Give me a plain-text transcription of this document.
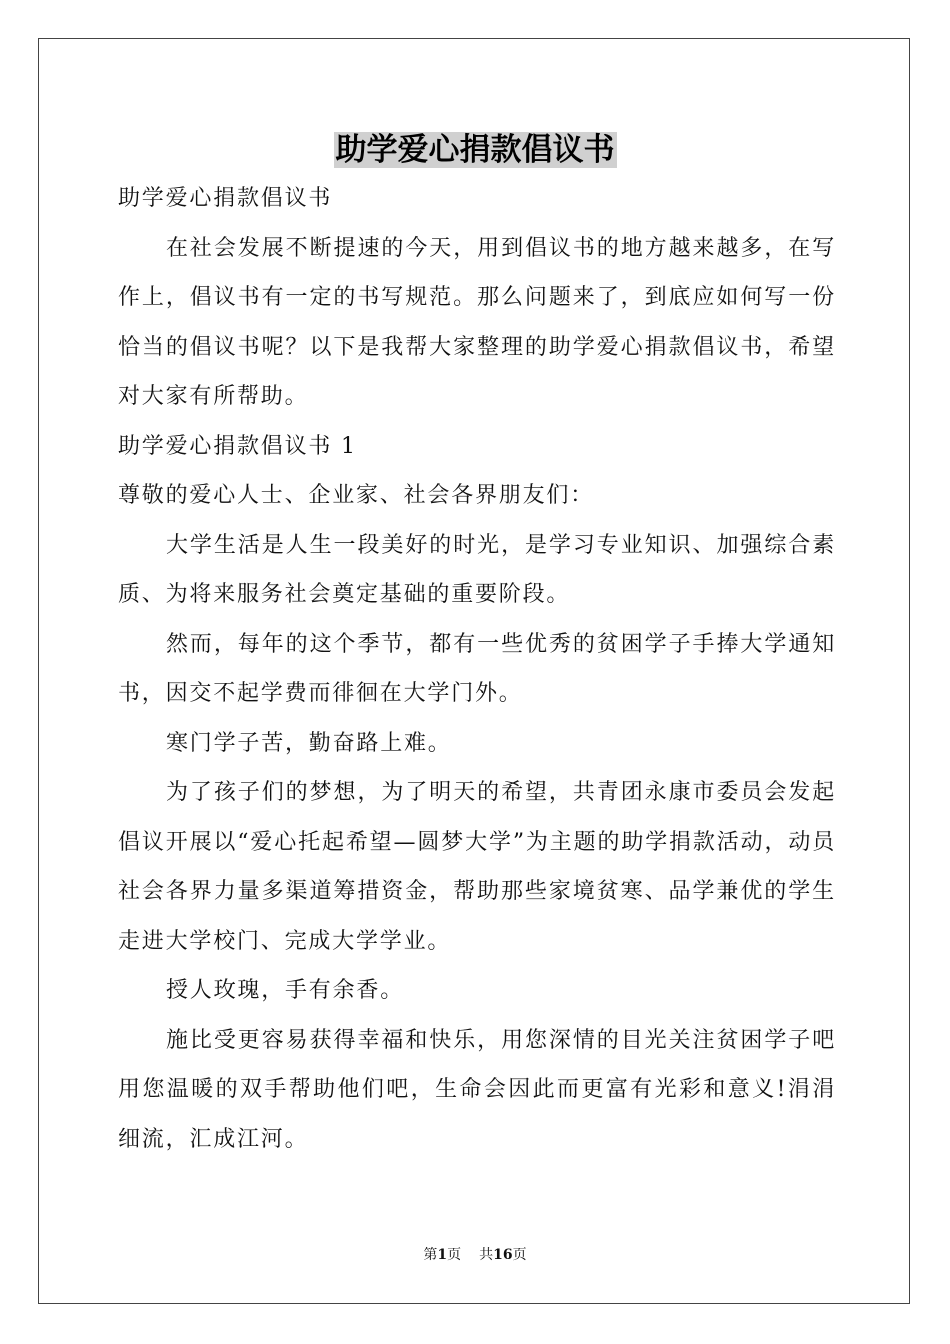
助学爱心捐款倡议书

助学爱心捐款倡议书

在社会发展不断提速的今天，用到倡议书的地方越来越多，在写作上，倡议书有一定的书写规范。那么问题来了，到底应如何写一份恰当的倡议书呢？以下是我帮大家整理的助学爱心捐款倡议书，希望对大家有所帮助。

助学爱心捐款倡议书 1

尊敬的爱心人士、企业家、社会各界朋友们：

大学生活是人生一段美好的时光，是学习专业知识、加强综合素质、为将来服务社会奠定基础的重要阶段。

然而，每年的这个季节，都有一些优秀的贫困学子手捧大学通知书，因交不起学费而徘徊在大学门外。

寒门学子苦，勤奋路上难。

为了孩子们的梦想，为了明天的希望，共青团永康市委员会发起倡议开展以“爱心托起希望—圆梦大学”为主题的助学捐款活动，动员社会各界力量多渠道筹措资金，帮助那些家境贫寒、品学兼优的学生走进大学校门、完成大学学业。

授人玫瑰，手有余香。

施比受更容易获得幸福和快乐，用您深情的目光关注贫困学子吧用您温暖的双手帮助他们吧，生命会因此而更富有光彩和意义!涓涓细流，汇成江河。

第1页 共16页
